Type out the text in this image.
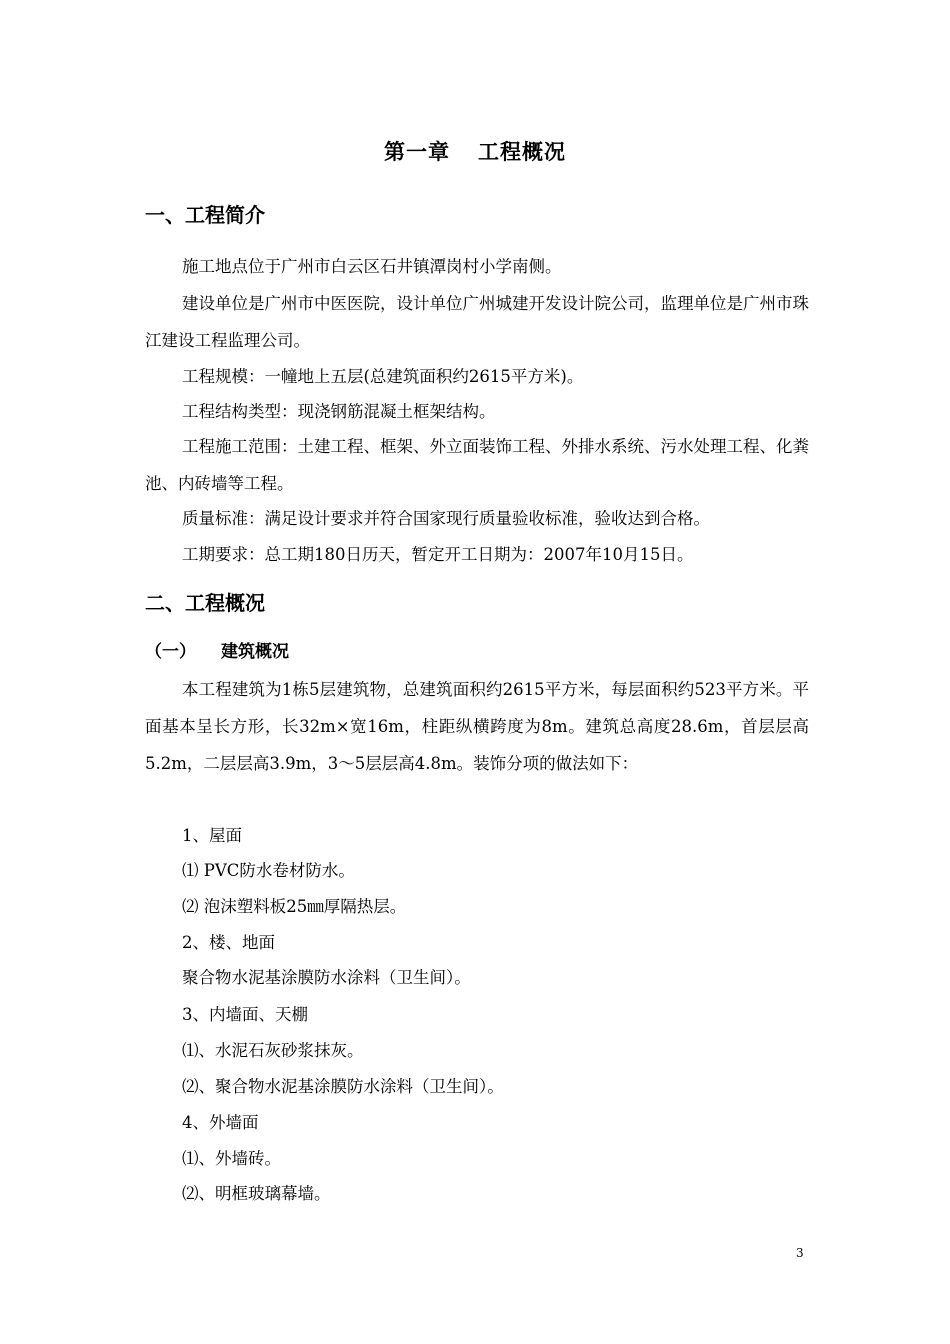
第一章 工程概况
一、工程简介

施工地点位于广州市白云区石井镇潭岗村小学南侧。

建设单位是广州市中医医院，设计单位广州城建开发设计院公司，监理单位是广州市珠江建设工程监理公司。

工程规模：一幢地上五层(总建筑面积约2615平方米)。

工程结构类型：现浇钢筋混凝土框架结构。

工程施工范围：土建工程、框架、外立面装饰工程、外排水系统、污水处理工程、化粪池、内砖墙等工程。

质量标准：满足设计要求并符合国家现行质量验收标准，验收达到合格。

工期要求：总工期180日历天，暂定开工日期为：2007年10月15日。

二、工程概况
（一） 建筑概况

本工程建筑为1栋5层建筑物，总建筑面积约2615平方米，每层面积约523平方米。平面基本呈长方形，长32m×宽16m，柱距纵横跨度为8m。建筑总高度28.6m，首层层高5.2m，二层层高3.9m，3～5层层高4.8m。装饰分项的做法如下：

1、屋面
⑴ PVC防水卷材防水。
⑵ 泡沫塑料板25㎜厚隔热层。
2、楼、地面
聚合物水泥基涂膜防水涂料（卫生间）。
3、内墙面、天棚
⑴、水泥石灰砂浆抹灰。
⑵、聚合物水泥基涂膜防水涂料（卫生间）。
4、外墙面
⑴、外墙砖。
⑵、明框玻璃幕墙。
3
